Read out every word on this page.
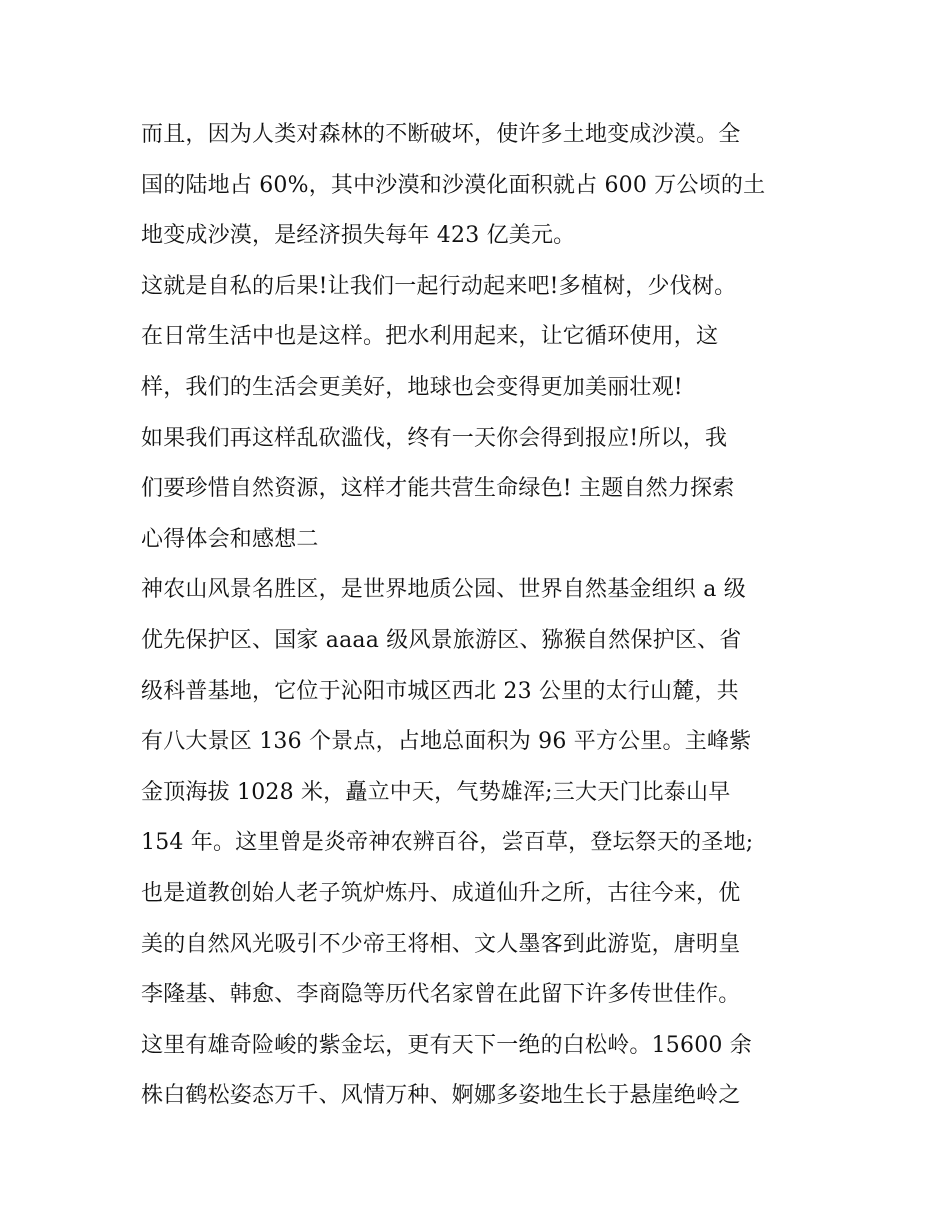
而且，因为人类对森林的不断破坏，使许多土地变成沙漠。全
国的陆地占 60%，其中沙漠和沙漠化面积就占 600 万公顷的土
地变成沙漠，是经济损失每年 423 亿美元。
这就是自私的后果!让我们一起行动起来吧!多植树，少伐树。
在日常生活中也是这样。把水利用起来，让它循环使用，这
样，我们的生活会更美好，地球也会变得更加美丽壮观!
如果我们再这样乱砍滥伐，终有一天你会得到报应!所以，我
们要珍惜自然资源，这样才能共营生命绿色! 主题自然力探索
心得体会和感想二
神农山风景名胜区，是世界地质公园、世界自然基金组织 a 级
优先保护区、国家 aaaa 级风景旅游区、猕猴自然保护区、省
级科普基地，它位于沁阳市城区西北 23 公里的太行山麓，共
有八大景区 136 个景点，占地总面积为 96 平方公里。主峰紫
金顶海拔 1028 米，矗立中天，气势雄浑;三大天门比泰山早
154 年。这里曾是炎帝神农辨百谷，尝百草，登坛祭天的圣地;
也是道教创始人老子筑炉炼丹、成道仙升之所，古往今来，优
美的自然风光吸引不少帝王将相、文人墨客到此游览，唐明皇
李隆基、韩愈、李商隐等历代名家曾在此留下许多传世佳作。
这里有雄奇险峻的紫金坛，更有天下一绝的白松岭。15600 余
株白鹤松姿态万千、风情万种、婀娜多姿地生长于悬崖绝岭之
